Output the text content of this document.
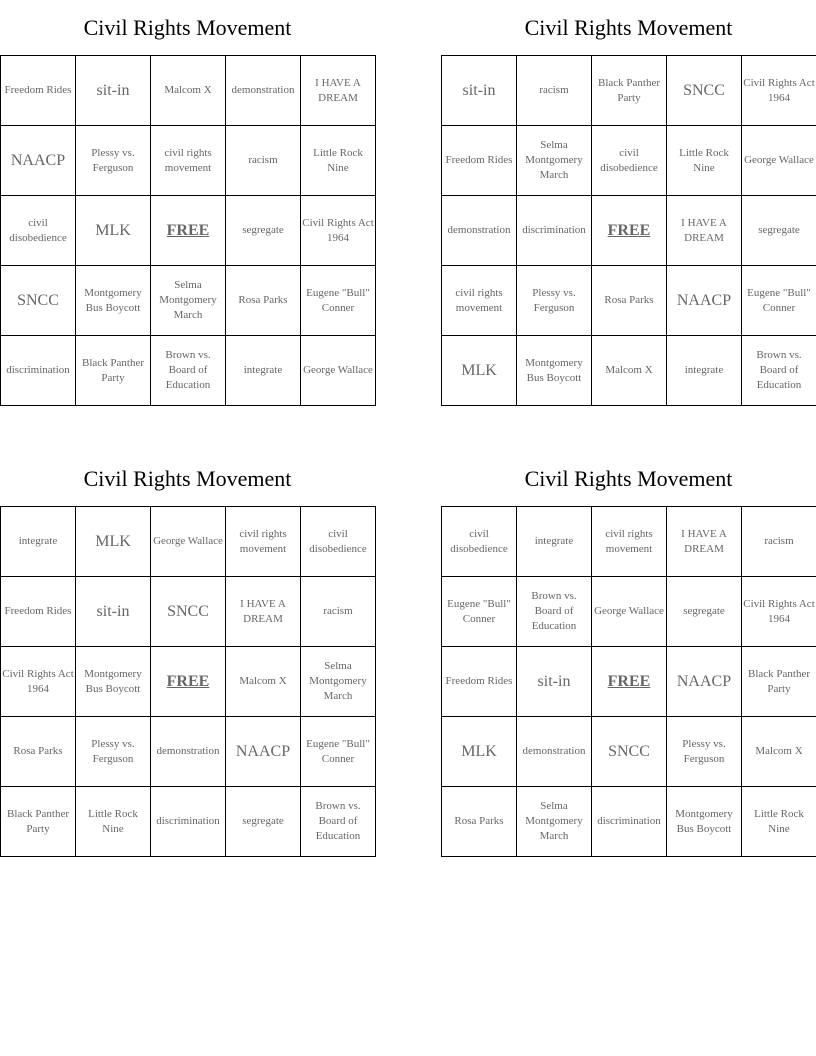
Civil Rights Movement
Freedom Rides	sit-in	Malcom X	demonstration	I HAVE A DREAM
NAACP	Plessy vs. Ferguson	civil rights movement	racism	Little Rock Nine
civil disobedience	MLK	FREE	segregate	Civil Rights Act 1964
SNCC	Montgomery Bus Boycott	Selma Montgomery March	Rosa Parks	Eugene "Bull" Conner
discrimination	Black Panther Party	Brown vs. Board of Education	integrate	George Wallace
Civil Rights Movement
sit-in	racism	Black Panther Party	SNCC	Civil Rights Act 1964
Freedom Rides	Selma Montgomery March	civil disobedience	Little Rock Nine	George Wallace
demonstration	discrimination	FREE	I HAVE A DREAM	segregate
civil rights movement	Plessy vs. Ferguson	Rosa Parks	NAACP	Eugene "Bull" Conner
MLK	Montgomery Bus Boycott	Malcom X	integrate	Brown vs. Board of Education
Civil Rights Movement
integrate	MLK	George Wallace	civil rights movement	civil disobedience
Freedom Rides	sit-in	SNCC	I HAVE A DREAM	racism
Civil Rights Act 1964	Montgomery Bus Boycott	FREE	Malcom X	Selma Montgomery March
Rosa Parks	Plessy vs. Ferguson	demonstration	NAACP	Eugene "Bull" Conner
Black Panther Party	Little Rock Nine	discrimination	segregate	Brown vs. Board of Education
Civil Rights Movement
civil disobedience	integrate	civil rights movement	I HAVE A DREAM	racism
Eugene "Bull" Conner	Brown vs. Board of Education	George Wallace	segregate	Civil Rights Act 1964
Freedom Rides	sit-in	FREE	NAACP	Black Panther Party
MLK	demonstration	SNCC	Plessy vs. Ferguson	Malcom X
Rosa Parks	Selma Montgomery March	discrimination	Montgomery Bus Boycott	Little Rock Nine
